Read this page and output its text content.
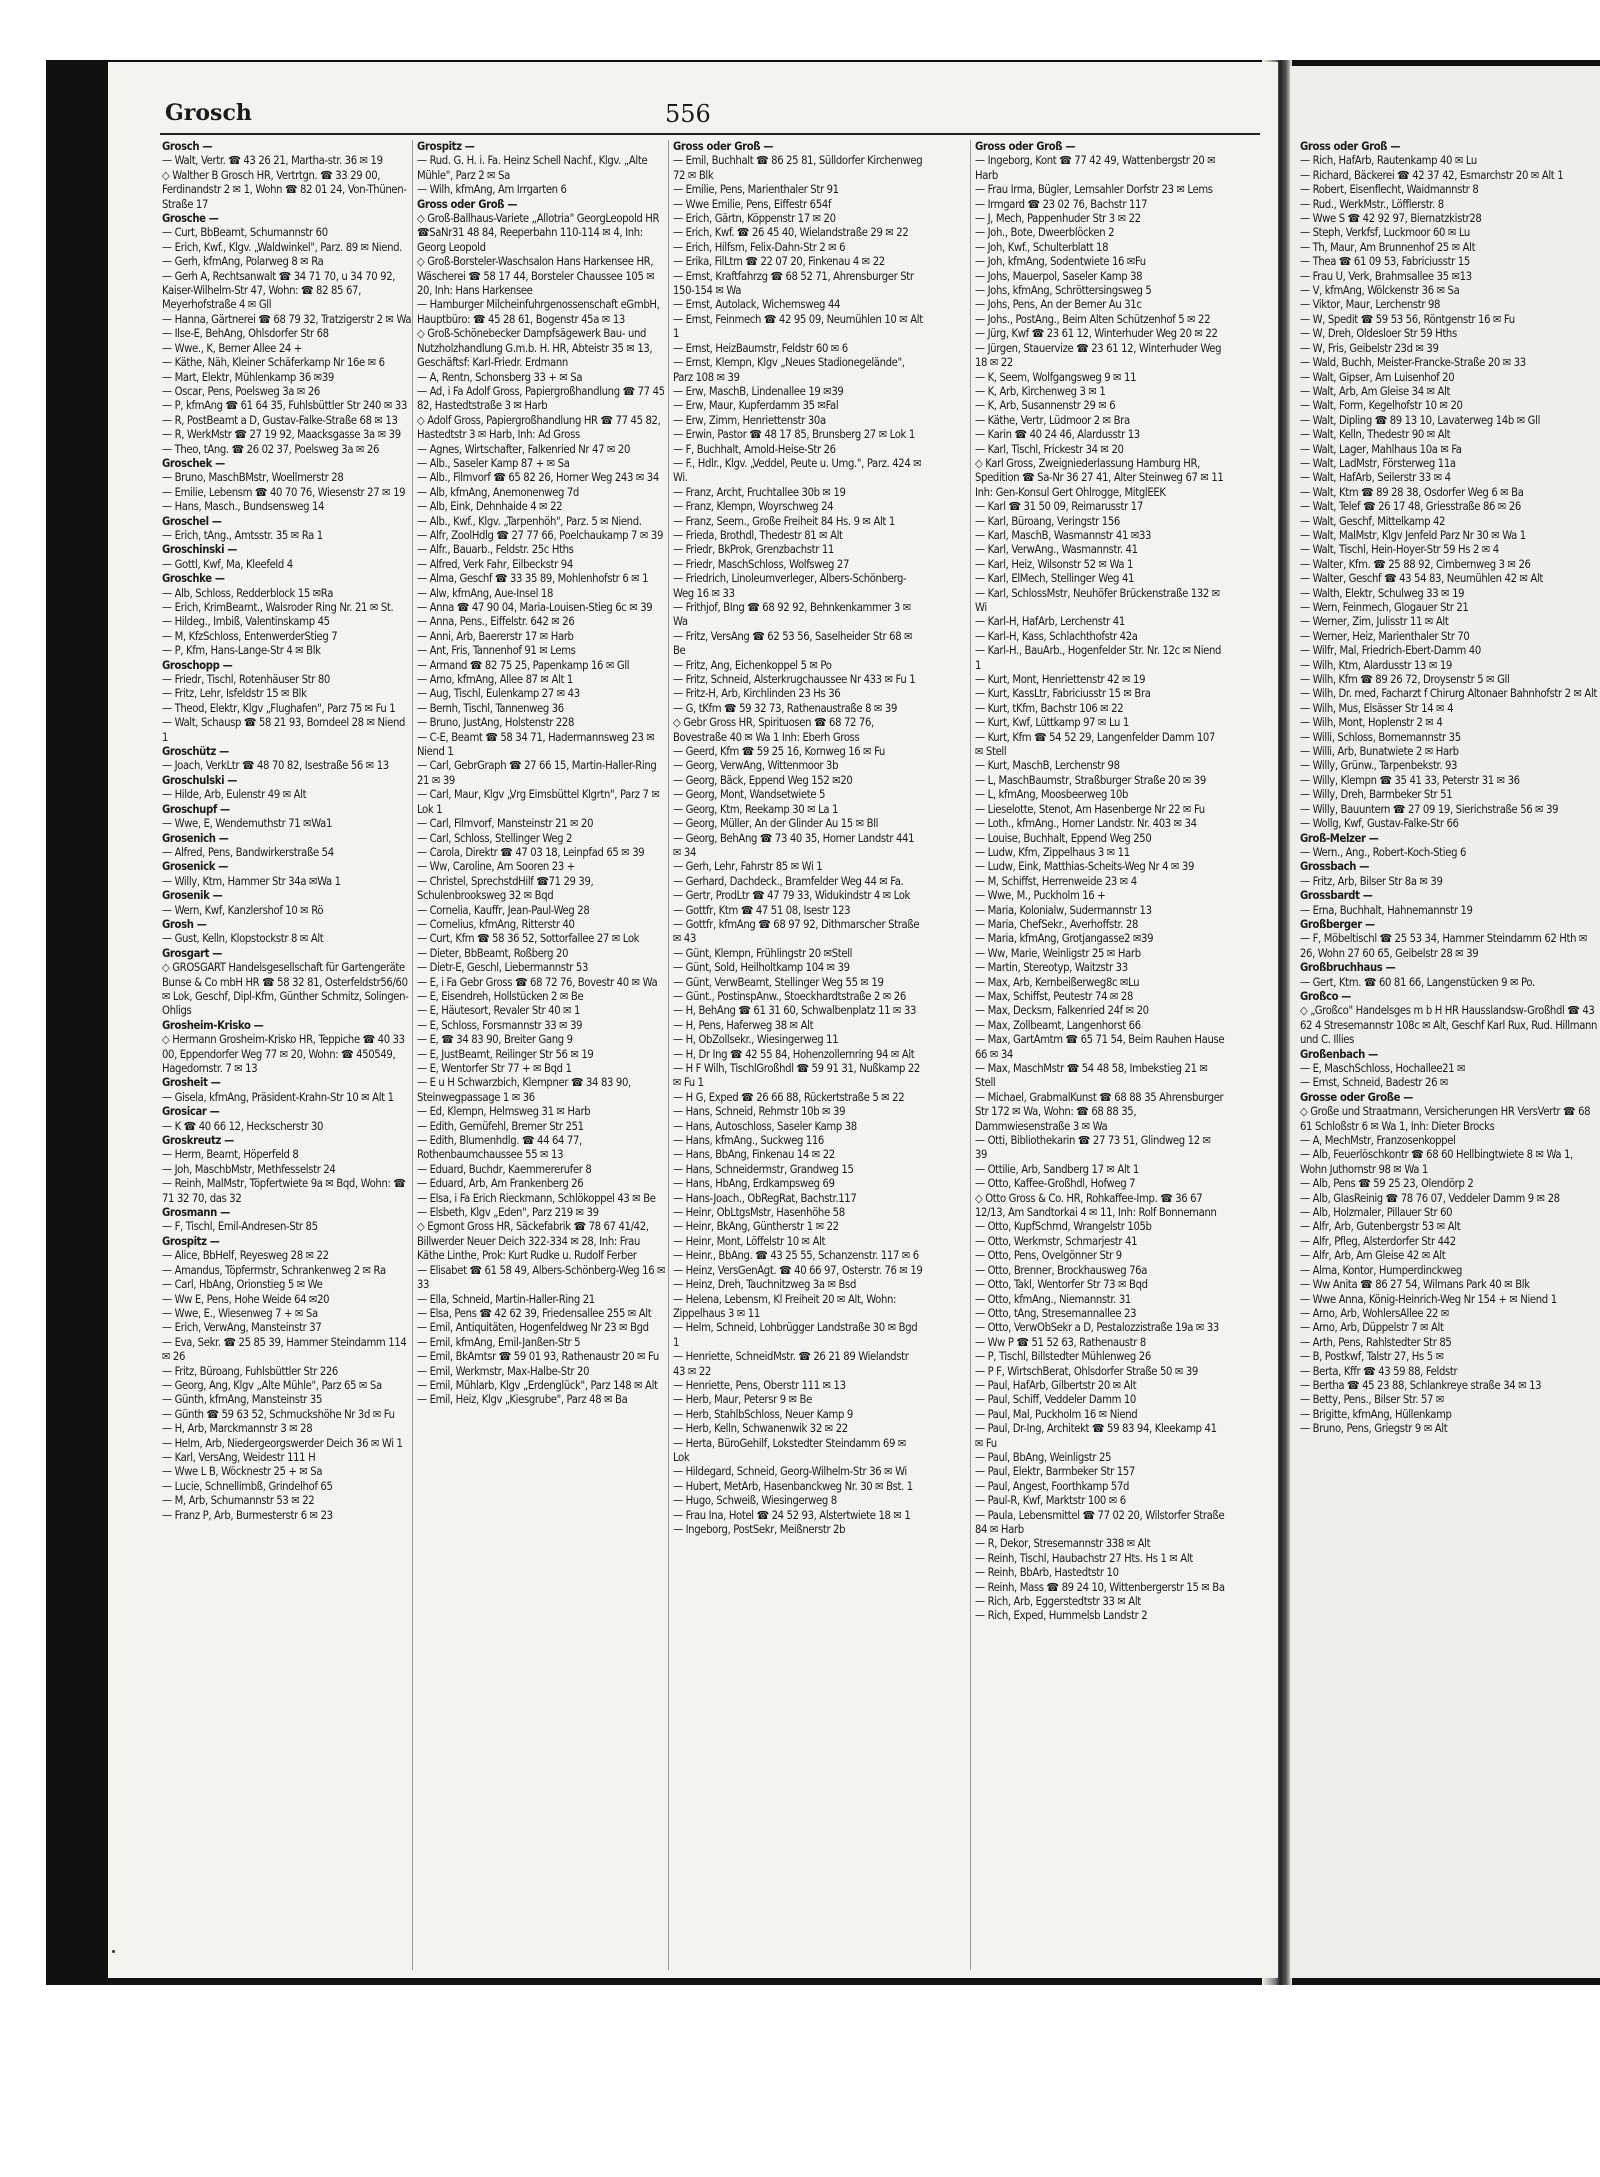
Grosch	556

Grosch —

— Walt, Vertr. ☎ 43 26 21, Martha-str. 36 ✉ 19

◇ Walther B Grosch HR, Vertrtgn. ☎ 33 29 00, Ferdinandstr 2 ✉ 1, Wohn ☎ 82 01 24, Von-Thünen-Straße 17

Grosche —

— Curt, BbBeamt, Schumannstr 60

— Erich, Kwf., Klgv. „Waldwinkel", Parz. 89 ✉ Niend.

— Gerh, kfmAng, Polarweg 8 ✉ Ra

— Gerh A, Rechtsanwalt ☎ 34 71 70, u 34 70 92, Kaiser-Wilhelm-Str 47, Wohn: ☎ 82 85 67, Meyerhofstraße 4 ✉ Gll

— Hanna, Gärtnerei ☎ 68 79 32, Tratzigerstr 2 ✉ Wa

— Ilse-E, BehAng, Ohlsdorfer Str 68

— Wwe., K, Berner Allee 24 +

— Käthe, Näh, Kleiner Schäferkamp Nr 16e ✉ 6

— Mart, Elektr, Mühlenkamp 36 ✉39

— Oscar, Pens, Poelsweg 3a ✉ 26

— P, kfmAng ☎ 61 64 35, Fuhlsbüttler Str 240 ✉ 33

— R, PostBeamt a D, Gustav-Falke-Straße 68 ✉ 13

— R, WerkMstr ☎ 27 19 92, Maacksgasse 3a ✉ 39

— Theo, tAng. ☎ 26 02 37, Poelsweg 3a ✉ 26

Groschek —

— Bruno, MaschBMstr, Woellmerstr 28

— Emilie, Lebensm ☎ 40 70 76, Wiesenstr 27 ✉ 19

— Hans, Masch., Bundsensweg 14

Groschel —

— Erich, tAng., Amtsstr. 35 ✉ Ra 1

Groschinski —

— Gottl, Kwf, Ma, Kleefeld 4

Groschke —

— Alb, Schloss, Redderblock 15 ✉Ra

— Erich, KrimBeamt., Walsroder Ring Nr. 21 ✉ St.

— Hildeg., Imbiß, Valentinskamp 45

— M, KfzSchloss, EntenwerderStieg 7

— P, Kfm, Hans-Lange-Str 4 ✉ Blk

Groschopp —

— Friedr, Tischl, Rotenhäuser Str 80

— Fritz, Lehr, Isfeldstr 15 ✉ Blk

— Theod, Elektr, Klgv „Flughafen", Parz 75 ✉ Fu 1

— Walt, Schausp ☎ 58 21 93, Borndeel 28 ✉ Niend 1

Groschütz —

— Joach, VerkLtr ☎ 48 70 82, Isestraße 56 ✉ 13

Groschulski —

— Hilde, Arb, Eulenstr 49 ✉ Alt

Groschupf —

— Wwe, E, Wendemuthstr 71 ✉Wa1

Grosenich —

— Alfred, Pens, Bandwirkerstraße 54

Grosenick —

— Willy, Ktm, Hammer Str 34a ✉Wa 1

Grosenik —

— Wern, Kwf, Kanzlershof 10 ✉ Rö

Grosh —

— Gust, Kelln, Klopstockstr 8 ✉ Alt

Grosgart —

◇ GROSGART Handelsgesellschaft für Gartengeräte Bunse & Co mbH HR ☎ 58 32 81, Osterfeldstr56/60 ✉ Lok, Geschf, Dipl-Kfm, Günther Schmitz, Solingen-Ohligs

Grosheim-Krisko —

◇ Hermann Grosheim-Krisko HR, Teppiche ☎ 40 33 00, Eppendorfer Weg 77 ✉ 20, Wohn: ☎ 450549, Hagedornstr. 7 ✉ 13

Grosheit —

— Gisela, kfmAng, Präsident-Krahn-Str 10 ✉ Alt 1

Grosicar —

— K ☎ 40 66 12, Heckscherstr 30

Groskreutz —

— Herm, Beamt, Höperfeld 8

— Joh, MaschbMstr, Methfesselstr 24

— Reinh, MalMstr, Töpfertwiete 9a ✉ Bqd, Wohn: ☎ 71 32 70, das 32

Grosmann —

— F, Tischl, Emil-Andresen-Str 85

Grospitz —

— Alice, BbHelf, Reyesweg 28 ✉ 22

— Amandus, Töpfermstr, Schrankenweg 2 ✉ Ra

— Carl, HbAng, Orionstieg 5 ✉ We

— Ww E, Pens, Hohe Weide 64 ✉20

— Wwe, E., Wiesenweg 7 + ✉ Sa

— Erich, VerwAng, Mansteinstr 37

— Eva, Sekr. ☎ 25 85 39, Hammer Steindamm 114 ✉ 26

— Fritz, Büroang, Fuhlsbüttler Str 226

— Georg, Ang, Klgv „Alte Mühle", Parz 65 ✉ Sa

— Günth, kfmAng, Mansteinstr 35

— Günth ☎ 59 63 52, Schmuckshöhe Nr 3d ✉ Fu

— H, Arb, Marckmannstr 3 ✉ 28

— Helm, Arb, Niedergeorgswerder Deich 36 ✉ Wi 1

— Karl, VersAng, Weidestr 111 H

— Wwe L B, Wöcknestr 25 + ✉ Sa

— Lucie, Schnellimbß, Grindelhof 65

— M, Arb, Schumannstr 53 ✉ 22

— Franz P, Arb, Burmesterstr 6 ✉ 23

Grospitz —

— Rud. G. H. i. Fa. Heinz Schell Nachf., Klgv. „Alte Mühle", Parz 2 ✉ Sa

— Wilh, kfmAng, Am Irrgarten 6

Gross oder Groß —

◇ Groß-Ballhaus-Variete „Allotria" GeorgLeopold HR ☎SaNr31 48 84, Reeperbahn 110-114 ✉ 4, Inh: Georg Leopold

◇ Groß-Borsteler-Waschsalon Hans Harkensee HR, Wäscherei ☎ 58 17 44, Borsteler Chaussee 105 ✉ 20, Inh: Hans Harkensee

— Hamburger Milcheinfuhrgenossenschaft eGmbH, Hauptbüro: ☎ 45 28 61, Bogenstr 45a ✉ 13

◇ Groß-Schönebecker Dampfsägewerk Bau- und Nutzholzhandlung G.m.b. H. HR, Abteistr 35 ✉ 13, Geschäftsf: Karl-Friedr. Erdmann

— A, Rentn, Schonsberg 33 + ✉ Sa

— Ad, i Fa Adolf Gross, Papiergroßhandlung ☎ 77 45 82, Hastedtstraße 3 ✉ Harb

◇ Adolf Gross, Papiergroßhandlung HR ☎ 77 45 82, Hastedtstr 3 ✉ Harb, Inh: Ad Gross

— Agnes, Wirtschafter, Falkenried Nr 47 ✉ 20

— Alb., Saseler Kamp 87 + ✉ Sa

— Alb., Filmvorf ☎ 65 82 26, Horner Weg 243 ✉ 34

— Alb, kfmAng, Anemonenweg 7d

— Alb, Eink, Dehnhaide 4 ✉ 22

— Alb., Kwf., Klgv. „Tarpenhöh", Parz. 5 ✉ Niend.

— Alfr, ZoolHdlg ☎ 27 77 66, Poelchaukamp 7 ✉ 39

— Alfr., Bauarb., Feldstr. 25c Hths

— Alfred, Verk Fahr, Eilbeckstr 94

— Alma, Geschf ☎ 33 35 89, Mohlenhofstr 6 ✉ 1

— Alw, kfmAng, Aue-Insel 18

— Anna ☎ 47 90 04, Maria-Louisen-Stieg 6c ✉ 39

— Anna, Pens., Eiffelstr. 642 ✉ 26

— Anni, Arb, Baererstr 17 ✉ Harb

— Ant, Fris, Tannenhof 91 ✉ Lems

— Armand ☎ 82 75 25, Papenkamp 16 ✉ Gll

— Arno, kfmAng, Allee 87 ✉ Alt 1

— Aug, Tischl, Eulenkamp 27 ✉ 43

— Bernh, Tischl, Tannenweg 36

— Bruno, JustAng, Holstenstr 228

— C-E, Beamt ☎ 58 34 71, Hadermannsweg 23 ✉ Niend 1

— Carl, GebrGraph ☎ 27 66 15, Martin-Haller-Ring 21 ✉ 39

— Carl, Maur, Klgv „Vrg Eimsbüttel Klgrtn", Parz 7 ✉ Lok 1

— Carl, Filmvorf, Mansteinstr 21 ✉ 20

— Carl, Schloss, Stellinger Weg 2

— Carola, Direktr ☎ 47 03 18, Leinpfad 65 ✉ 39

— Ww, Caroline, Am Sooren 23 +

— Christel, SprechstdHilf ☎71 29 39, Schulenbrooksweg 32 ✉ Bqd

— Cornelia, Kauffr, Jean-Paul-Weg 28

— Cornelius, kfmAng, Ritterstr 40

— Curt, Kfm ☎ 58 36 52, Sottorfallee 27 ✉ Lok

— Dieter, BbBeamt, Roßberg 20

— Dietr-E, Geschl, Liebermannstr 53

— E, i Fa Gebr Gross ☎ 68 72 76, Bovestr 40 ✉ Wa

— E, Eisendreh, Hollstücken 2 ✉ Be

— E, Häutesort, Revaler Str 40 ✉ 1

— E, Schloss, Forsmannstr 33 ✉ 39

— E, ☎ 34 83 90, Breiter Gang 9

— E, JustBeamt, Reilinger Str 56 ✉ 19

— E, Wentorfer Str 77 + ✉ Bqd 1

— E u H Schwarzbich, Klempner ☎ 34 83 90, Steinwegpassage 1 ✉ 36

— Ed, Klempn, Helmsweg 31 ✉ Harb

— Edith, Gemüfehl, Bremer Str 251

— Edith, Blumenhdlg. ☎ 44 64 77, Rothenbaumchaussee 55 ✉ 13

— Eduard, Buchdr, Kaemmererufer 8

— Eduard, Arb, Am Frankenberg 26

— Elsa, i Fa Erich Rieckmann, Schlökoppel 43 ✉ Be

— Elsbeth, Klgv „Eden", Parz 219 ✉ 39

◇ Egmont Gross HR, Säckefabrik ☎ 78 67 41/42, Billwerder Neuer Deich 322-334 ✉ 28, Inh: Frau Käthe Linthe, Prok: Kurt Rudke u. Rudolf Ferber

— Elisabet ☎ 61 58 49, Albers-Schönberg-Weg 16 ✉ 33

— Ella, Schneid, Martin-Haller-Ring 21

— Elsa, Pens ☎ 42 62 39, Friedensallee 255 ✉ Alt

— Emil, Antiquitäten, Hogenfeldweg Nr 23 ✉ Bgd

— Emil, kfmAng, Emil-Janßen-Str 5

— Emil, BkAmtsr ☎ 59 01 93, Rathenaustr 20 ✉ Fu

— Emil, Werkmstr, Max-Halbe-Str 20

— Emil, Mühlarb, Klgv „Erdenglück", Parz 148 ✉ Alt

— Emil, Heiz, Klgv „Kiesgrube", Parz 48 ✉ Ba

Gross oder Groß —

— Emil, Buchhalt ☎ 86 25 81, Sülldorfer Kirchenweg 72 ✉ Blk

— Emilie, Pens, Marienthaler Str 91

— Wwe Emilie, Pens, Eiffestr 654f

— Erich, Gärtn, Köppenstr 17 ✉ 20

— Erich, Kwf. ☎ 26 45 40, Wielandstraße 29 ✉ 22

— Erich, Hilfsm, Felix-Dahn-Str 2 ✉ 6

— Erika, FilLtrn ☎ 22 07 20, Finkenau 4 ✉ 22

— Ernst, Kraftfahrzg ☎ 68 52 71, Ahrensburger Str 150-154 ✉ Wa

— Ernst, Autolack, Wichernsweg 44

— Ernst, Feinmech ☎ 42 95 09, Neumühlen 10 ✉ Alt 1

— Ernst, HeizBaumstr, Feldstr 60 ✉ 6

— Ernst, Klempn, Klgv „Neues Stadionegelände", Parz 108 ✉ 39

— Erw, MaschB, Lindenallee 19 ✉39

— Erw, Maur, Kupferdamm 35 ✉Fal

— Erw, Zimm, Henriettenstr 30a

— Erwin, Pastor ☎ 48 17 85, Brunsberg 27 ✉ Lok 1

— F, Buchhalt, Arnold-Heise-Str 26

— F., Hdlr., Klgv. „Veddel, Peute u. Umg.", Parz. 424 ✉ Wi.

— Franz, Archt, Fruchtallee 30b ✉ 19

— Franz, Klempn, Woyrschweg 24

— Franz, Seem., Große Freiheit 84 Hs. 9 ✉ Alt 1

— Frieda, Brothdl, Thedestr 81 ✉ Alt

— Friedr, BkProk, Grenzbachstr 11

— Friedr, MaschSchloss, Wolfsweg 27

— Friedrich, Linoleumverleger, Albers-Schönberg-Weg 16 ✉ 33

— Frithjof, BIng ☎ 68 92 92, Behnkenkammer 3 ✉ Wa

— Fritz, VersAng ☎ 62 53 56, Saselheider Str 68 ✉ Be

— Fritz, Ang, Eichenkoppel 5 ✉ Po

— Fritz, Schneid, Alsterkrugchaussee Nr 433 ✉ Fu 1

— Fritz-H, Arb, Kirchlinden 23 Hs 36

— G, tKfm ☎ 59 32 73, Rathenaustraße 8 ✉ 39

◇ Gebr Gross HR, Spirituosen ☎ 68 72 76, Bovestraße 40 ✉ Wa 1 Inh: Eberh Gross

— Geerd, Kfm ☎ 59 25 16, Kornweg 16 ✉ Fu

— Georg, VerwAng, Wittenmoor 3b

— Georg, Bäck, Eppend Weg 152 ✉20

— Georg, Mont, Wandsetwiete 5

— Georg, Ktm, Reekamp 30 ✉ La 1

— Georg, Müller, An der Glinder Au 15 ✉ Bll

— Georg, BehAng ☎ 73 40 35, Horner Landstr 441 ✉ 34

— Gerh, Lehr, Fahrstr 85 ✉ Wi 1

— Gerhard, Dachdeck., Bramfelder Weg 44 ✉ Fa.

— Gertr, ProdLtr ☎ 47 79 33, Widukindstr 4 ✉ Lok

— Gottfr, Ktm ☎ 47 51 08, Isestr 123

— Gottfr, kfmAng ☎ 68 97 92, Dithmarscher Straße ✉ 43

— Günt, Klempn, Frühlingstr 20 ✉Stell

— Günt, Sold, Heilholtkamp 104 ✉ 39

— Günt, VerwBeamt, Stellinger Weg 55 ✉ 19

— Günt., PostinspAnw., Stoeckhardtstraße 2 ✉ 26

— H, BehAng ☎ 61 31 60, Schwalbenplatz 11 ✉ 33

— H, Pens, Haferweg 38 ✉ Alt

— H, ObZollsekr., Wiesingerweg 11

— H, Dr Ing ☎ 42 55 84, Hohenzollernring 94 ✉ Alt

— H F Wilh, TischlGroßhdl ☎ 59 91 31, Nußkamp 22 ✉ Fu 1

— H G, Exped ☎ 26 66 88, Rückertstraße 5 ✉ 22

— Hans, Schneid, Rehmstr 10b ✉ 39

— Hans, Autoschloss, Saseler Kamp 38

— Hans, kfmAng., Suckweg 116

— Hans, BbAng, Finkenau 14 ✉ 22

— Hans, Schneidermstr, Grandweg 15

— Hans, HbAng, Erdkampsweg 69

— Hans-Joach., ObRegRat, Bachstr.117

— Heinr, ObLtgsMstr, Hasenhöhe 58

— Heinr, BkAng, Güntherstr 1 ✉ 22

— Heinr, Mont, Löffelstr 10 ✉ Alt

— Heinr., BbAng. ☎ 43 25 55, Schanzenstr. 117 ✉ 6

— Heinz, VersGenAgt. ☎ 40 66 97, Osterstr. 76 ✉ 19

— Heinz, Dreh, Tauchnitzweg 3a ✉ Bsd

— Helena, Lebensm, Kl Freiheit 20 ✉ Alt, Wohn: Zippelhaus 3 ✉ 11

— Helm, Schneid, Lohbrügger Landstraße 30 ✉ Bgd 1

— Henriette, SchneidMstr. ☎ 26 21 89 Wielandstr 43 ✉ 22

— Henriette, Pens, Oberstr 111 ✉ 13

— Herb, Maur, Petersr 9 ✉ Be

— Herb, StahlbSchloss, Neuer Kamp 9

— Herb, Kelln, Schwanenwik 32 ✉ 22

— Herta, BüroGehilf, Lokstedter Steindamm 69 ✉ Lok

— Hildegard, Schneid, Georg-Wilhelm-Str 36 ✉ Wi

— Hubert, MetArb, Hasenbanckweg Nr. 30 ✉ Bst. 1

— Hugo, Schweiß, Wiesingerweg 8

— Frau Ina, Hotel ☎ 24 52 93, Alstertwiete 18 ✉ 1

— Ingeborg, PostSekr, Meißnerstr 2b

Gross oder Groß —

— Ingeborg, Kont ☎ 77 42 49, Wattenbergstr 20 ✉ Harb

— Frau Irma, Bügler, Lemsahler Dorfstr 23 ✉ Lems

— Irmgard ☎ 23 02 76, Bachstr 117

— J, Mech, Pappenhuder Str 3 ✉ 22

— Joh., Bote, Dweerblöcken 2

— Joh, Kwf., Schulterblatt 18

— Joh, kfmAng, Sodentwiete 16 ✉Fu

— Johs, Mauerpol, Saseler Kamp 38

— Johs, kfmAng, Schröttersingsweg 5

— Johs, Pens, An der Berner Au 31c

— Johs., PostAng., Beim Alten Schützenhof 5 ✉ 22

— Jürg, Kwf ☎ 23 61 12, Winterhuder Weg 20 ✉ 22

— Jürgen, Stauervize ☎ 23 61 12, Winterhuder Weg 18 ✉ 22

— K, Seem, Wolfgangsweg 9 ✉ 11

— K, Arb, Kirchenweg 3 ✉ 1

— K, Arb, Susannenstr 29 ✉ 6

— Käthe, Vertr, Lüdmoor 2 ✉ Bra

— Karin ☎ 40 24 46, Alardusstr 13

— Karl, Tischl, Frickestr 34 ✉ 20

◇ Karl Gross, Zweigniederlassung Hamburg HR, Spedition ☎ Sa-Nr 36 27 41, Alter Steinweg 67 ✉ 11 Inh: Gen-Konsul Gert Ohlrogge, MitglEEK

— Karl ☎ 31 50 09, Reimarusstr 17

— Karl, Büroang, Veringstr 156

— Karl, MaschB, Wasmannstr 41 ✉33

— Karl, VerwAng., Wasmannstr. 41

— Karl, Heiz, Wilsonstr 52 ✉ Wa 1

— Karl, ElMech, Stellinger Weg 41

— Karl, SchlossMstr, Neuhöfer Brückenstraße 132 ✉ Wi

— Karl-H, HafArb, Lerchenstr 41

— Karl-H, Kass, Schlachthofstr 42a

— Karl-H., BauArb., Hogenfelder Str. Nr. 12c ✉ Niend 1

— Kurt, Mont, Henriettenstr 42 ✉ 19

— Kurt, KassLtr, Fabriciusstr 15 ✉ Bra

— Kurt, tKfm, Bachstr 106 ✉ 22

— Kurt, Kwf, Lüttkamp 97 ✉ Lu 1

— Kurt, Kfm ☎ 54 52 29, Langenfelder Damm 107 ✉ Stell

— Kurt, MaschB, Lerchenstr 98

— L, MaschBaumstr, Straßburger Straße 20 ✉ 39

— L, kfmAng, Moosbeerweg 10b

— Lieselotte, Stenot, Am Hasenberge Nr 22 ✉ Fu

— Loth., kfmAng., Horner Landstr. Nr. 403 ✉ 34

— Louise, Buchhalt, Eppend Weg 250

— Ludw, Kfm, Zippelhaus 3 ✉ 11

— Ludw, Eink, Matthias-Scheits-Weg Nr 4 ✉ 39

— M, Schiffst, Herrenweide 23 ✉ 4

— Wwe, M., Puckholm 16 +

— Maria, Kolonialw, Sudermannstr 13

— Maria, ChefSekr., Averhoffstr. 28

— Maria, kfmAng, Grotjangasse2 ✉39

— Ww, Marie, Weinligstr 25 ✉ Harb

— Martin, Stereotyp, Waitzstr 33

— Max, Arb, Kernbeißerweg8c ✉Lu

— Max, Schiffst, Peutestr 74 ✉ 28

— Max, Decksm, Falkenried 24f ✉ 20

— Max, Zollbeamt, Langenhorst 66

— Max, GartAmtm ☎ 65 71 54, Beim Rauhen Hause 66 ✉ 34

— Max, MaschMstr ☎ 54 48 58, Imbekstieg 21 ✉ Stell

— Michael, GrabmalKunst ☎ 68 88 35 Ahrensburger Str 172 ✉ Wa, Wohn: ☎ 68 88 35, Dammwiesenstraße 3 ✉ Wa

— Otti, Bibliothekarin ☎ 27 73 51, Glindweg 12 ✉ 39

— Ottilie, Arb, Sandberg 17 ✉ Alt 1

— Otto, Kaffee-Großhdl, Hofweg 7

◇ Otto Gross & Co. HR, Rohkaffee-Imp. ☎ 36 67 12/13, Am Sandtorkai 4 ✉ 11, Inh: Rolf Bonnemann

— Otto, KupfSchmd, Wrangelstr 105b

— Otto, Werkmstr, Schmarjestr 41

— Otto, Pens, Ovelgönner Str 9

— Otto, Brenner, Brockhausweg 76a

— Otto, Takl, Wentorfer Str 73 ✉ Bqd

— Otto, kfmAng., Niemannstr. 31

— Otto, tAng, Stresemannallee 23

— Otto, VerwObSekr a D, Pestalozzistraße 19a ✉ 33

— Ww P ☎ 51 52 63, Rathenaustr 8

— P, Tischl, Billstedter Mühlenweg 26

— P F, WirtschBerat, Ohlsdorfer Straße 50 ✉ 39

— Paul, HafArb, Gilbertstr 20 ✉ Alt

— Paul, Schiff, Veddeler Damm 10

— Paul, Mal, Puckholm 16 ✉ Niend

— Paul, Dr-Ing, Architekt ☎ 59 83 94, Kleekamp 41 ✉ Fu

— Paul, BbAng, Weinligstr 25

— Paul, Elektr, Barmbeker Str 157

— Paul, Angest, Foorthkamp 57d

— Paul-R, Kwf, Marktstr 100 ✉ 6

— Paula, Lebensmittel ☎ 77 02 20, Wilstorfer Straße 84 ✉ Harb

— R, Dekor, Stresemannstr 338 ✉ Alt

— Reinh, Tischl, Haubachstr 27 Hts. Hs 1 ✉ Alt

— Reinh, BbArb, Hastedtstr 10

— Reinh, Mass ☎ 89 24 10, Wittenbergerstr 15 ✉ Ba

— Rich, Arb, Eggerstedtstr 33 ✉ Alt

— Rich, Exped, Hummelsb Landstr 2

Gross oder Groß —

— Rich, HafArb, Rautenkamp 40 ✉ Lu

— Richard, Bäckerei ☎ 42 37 42, Esmarchstr 20 ✉ Alt 1

— Robert, Eisenflecht, Waidmannstr 8

— Rud., WerkMstr., Löfflerstr. 8

— Wwe S ☎ 42 92 97, Biernatzkistr28

— Steph, Verkfsf, Luckmoor 60 ✉ Lu

— Th, Maur, Am Brunnenhof 25 ✉ Alt

— Thea ☎ 61 09 53, Fabriciusstr 15

— Frau U, Verk, Brahmsallee 35 ✉13

— V, kfmAng, Wölckenstr 36 ✉ Sa

— Viktor, Maur, Lerchenstr 98

— W, Spedit ☎ 59 53 56, Röntgenstr 16 ✉ Fu

— W, Dreh, Oldesloer Str 59 Hths

— W, Fris, Geibelstr 23d ✉ 39

— Wald, Buchh, Meister-Francke-Straße 20 ✉ 33

— Walt, Gipser, Am Luisenhof 20

— Walt, Arb, Am Gleise 34 ✉ Alt

— Walt, Form, Kegelhofstr 10 ✉ 20

— Walt, Dipling ☎ 89 13 10, Lavaterweg 14b ✉ Gll

— Walt, Kelln, Thedestr 90 ✉ Alt

— Walt, Lager, Mahlhaus 10a ✉ Fa

— Walt, LadMstr, Försterweg 11a

— Walt, HafArb, Seilerstr 33 ✉ 4

— Walt, Ktm ☎ 89 28 38, Osdorfer Weg 6 ✉ Ba

— Walt, Telef ☎ 26 17 48, Griesstraße 86 ✉ 26

— Walt, Geschf, Mittelkamp 42

— Walt, MalMstr, Klgv Jenfeld Parz Nr 30 ✉ Wa 1

— Walt, Tischl, Hein-Hoyer-Str 59 Hs 2 ✉ 4

— Walter, Kfm. ☎ 25 88 92, Cimbernweg 3 ✉ 26

— Walter, Geschf ☎ 43 54 83, Neumühlen 42 ✉ Alt

— Walth, Elektr, Schulweg 33 ✉ 19

— Wern, Feinmech, Glogauer Str 21

— Werner, Zim, Julisstr 11 ✉ Alt

— Werner, Heiz, Marienthaler Str 70

— Wilfr, Mal, Friedrich-Ebert-Damm 40

— Wilh, Ktm, Alardusstr 13 ✉ 19

— Wilh, Kfm ☎ 89 26 72, Droysenstr 5 ✉ Gll

— Wilh, Dr. med, Facharzt f Chirurg Altonaer Bahnhofstr 2 ✉ Alt

— Wilh, Mus, Elsässer Str 14 ✉ 4

— Wilh, Mont, Hoplenstr 2 ✉ 4

— Willi, Schloss, Bornemannstr 35

— Willi, Arb, Bunatwiete 2 ✉ Harb

— Willy, Grünw., Tarpenbekstr. 93

— Willy, Klempn ☎ 35 41 33, Peterstr 31 ✉ 36

— Willy, Dreh, Barmbeker Str 51

— Willy, Bauuntern ☎ 27 09 19, Sierichstraße 56 ✉ 39

— Wollg, Kwf, Gustav-Falke-Str 66

Groß-Melzer —

— Wern., Ang., Robert-Koch-Stieg 6

Grossbach —

— Fritz, Arb, Bilser Str 8a ✉ 39

Grossbardt —

— Erna, Buchhalt, Hahnemannstr 19

Großberger —

— F, Möbeltischl ☎ 25 53 34, Hammer Steindamm 62 Hth ✉ 26, Wohn 27 60 65, Geibelstr 28 ✉ 39

Großbruchhaus —

— Gert, Ktm. ☎ 60 81 66, Langenstücken 9 ✉ Po.

Großco —

◇ „Großco" Handelsges m b H HR Hausslandsw-Großhdl ☎ 43 62 4 Stresemannstr 108c ✉ Alt, Geschf Karl Rux, Rud. Hillmann und C. Illies

Großenbach —

— E, MaschSchloss, Hochallee21 ✉

— Ernst, Schneid, Badestr 26 ✉

Grosse oder Große —

◇ Große und Straatmann, Versicherungen HR VersVertr ☎ 68 61 Schloßstr 6 ✉ Wa 1, Inh: Dieter Brocks

— A, MechMstr, Franzosenkoppel

— Alb, Feuerlöschkontr ☎ 68 60 Hellbingtwiete 8 ✉ Wa 1, Wohn Juthornstr 98 ✉ Wa 1

— Alb, Pens ☎ 59 25 23, Olendörp 2

— Alb, GlasReinig ☎ 78 76 07, Veddeler Damm 9 ✉ 28

— Alb, Holzmaler, Pillauer Str 60

— Alfr, Arb, Gutenbergstr 53 ✉ Alt

— Alfr, Pfleg, Alsterdorfer Str 442

— Alfr, Arb, Am Gleise 42 ✉ Alt

— Alma, Kontor, Humperdinckweg

— Ww Anita ☎ 86 27 54, Wilmans Park 40 ✉ Blk

— Wwe Anna, König-Heinrich-Weg Nr 154 + ✉ Niend 1

— Arno, Arb, WohlersAllee 22 ✉

— Arno, Arb, Düppelstr 7 ✉ Alt

— Arth, Pens, Rahlstedter Str 85

— B, Postkwf, Talstr 27, Hs 5 ✉

— Berta, Kffr ☎ 43 59 88, Feldstr

— Bertha ☎ 45 23 88, Schlankreye straße 34 ✉ 13

— Betty, Pens., Bilser Str. 57 ✉

— Brigitte, kfmAng, Hüllenkamp

— Bruno, Pens, Griegstr 9 ✉ Alt
